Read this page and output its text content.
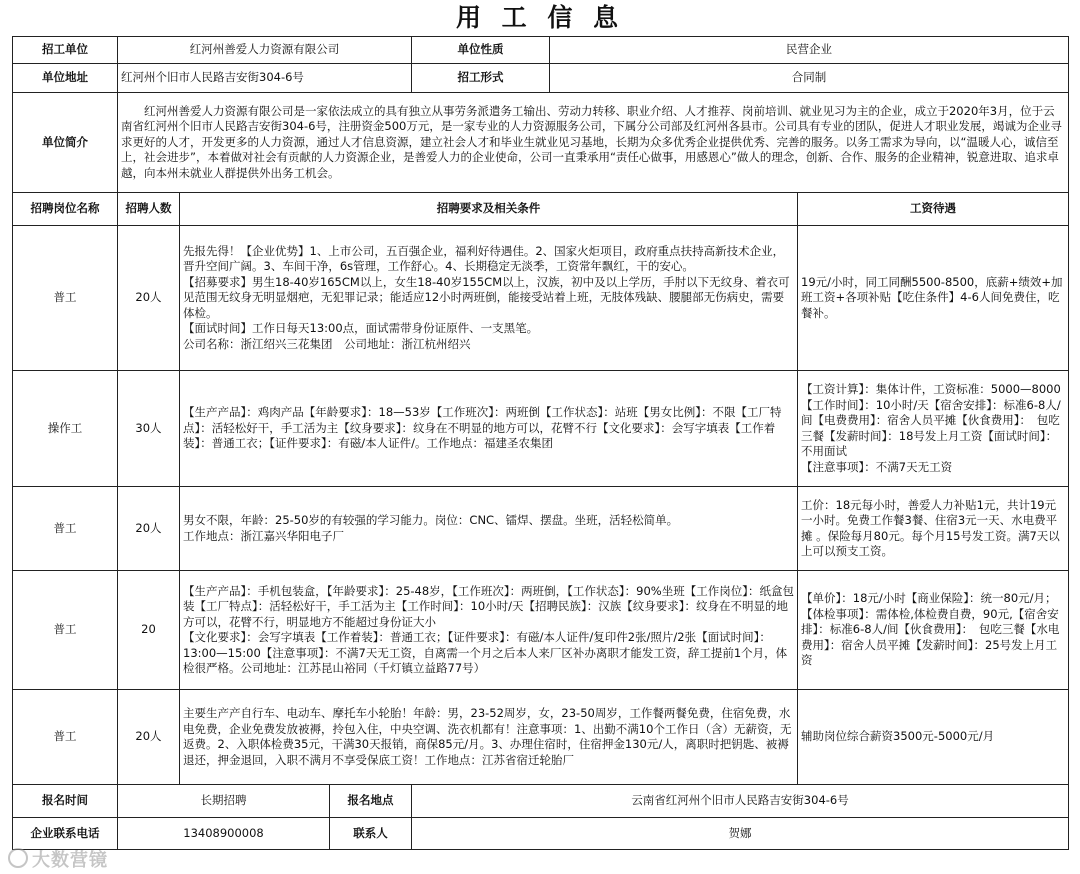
用 工 信 息
招工单位	红河州善爱人力资源有限公司			单位性质	民营企业	
单位地址	红河州个旧市人民路吉安街304-6号			招工形式	合同制	
单位简介	红河州善爱人力资源有限公司是一家依法成立的具有独立从事劳务派遣务工输出、劳动力转移、职业介绍、人才推荐、岗前培训、就业见习为主的企业，成立于2020年3月，位于云南省红河州个旧市人民路吉安街304-6号，注册资金500万元，是一家专业的人力资源服务公司，下属分公司部及红河州各县市。公司具有专业的团队，促进人才职业发展，竭诚为企业寻求更好的人才，开发更多的人力资源，通过人才信息资源，建立社会人才和毕业生就业见习基地，长期为众多优秀企业提供优秀、完善的服务。以务工需求为导向，以“温暖人心，诚信至上，社会进步”，本着做对社会有贡献的人力资源企业，是善爱人力的企业使命，公司一直秉承用“责任心做事，用感恩心”做人的理念，创新、合作、服务的企业精神，锐意进取、追求卓越，向本州未就业人群提供外出务工机会。					
招聘岗位名称	招聘人数	招聘要求及相关条件				工资待遇
普工	20人	先报先得！【企业优势】1、上市公司，五百强企业，福利好待遇佳。2、国家火炬项目，政府重点扶持高新技术企业，晋升空间广阔。3、车间干净，6s管理，工作舒心。4、长期稳定无淡季，工资常年飘红，干的安心。
【招募要求】男生18-40岁165CM以上，女生18-40岁155CM以上，汉族，初中及以上学历，手肘以下无纹身、着衣可见范围无纹身无明显烟疤，无犯罪记录；能适应12小时两班倒，能接受站着上班，无肢体残缺、腰腿部无伤病史，需要体检。
【面试时间】工作日每天13:00点，面试需带身份证原件、一支黑笔。
公司名称：浙江绍兴三花集团　公司地址：浙江杭州绍兴				19元/小时，同工同酬5500-8500，底薪+绩效+加班工资+各项补贴【吃住条件】4-6人间免费住，吃餐补。
操作工	30人	【生产产品】：鸡肉产品【年龄要求】：18—53岁【工作班次】：两班倒【工作状态】：站班【男女比例】：不限【工厂特点】：活轻松好干，手工活为主【纹身要求】：纹身在不明显的地方可以，花臂不行【文化要求】：会写字填表【工作着装】：普通工衣；【证件要求】：有磁/本人证件/。工作地点：福建圣农集团				【工资计算】：集体计件，工资标准：5000—8000【工作时间】：10小时/天【宿舍安排】：标准6-8人/间【电费费用】：宿舍人员平摊【伙食费用】：　包吃三餐【发薪时间】：18号发上月工资【面试时间】：不用面试
【注意事项】：不满7天无工资
普工	20人	男女不限，年龄：25-50岁的有较强的学习能力。岗位：CNC、镭焊、摆盘。坐班，活轻松简单。
工作地点：浙江嘉兴华阳电子厂				工价：18元每小时，善爱人力补贴1元，共计19元一小时。免费工作餐3餐、住宿3元一天、水电费平摊 。保险每月80元。每个月15号发工资。满7天以上可以预支工资。
普工	20	【生产产品】：手机包装盒，【年龄要求】：25-48岁，【工作班次】：两班倒，【工作状态】：90%坐班【工作岗位】：纸盒包装【工厂特点】：活轻松好干，手工活为主【工作时间】：10小时/天【招聘民族】：汉族【纹身要求】：纹身在不明显的地方可以，花臂不行，明显地方不能超过身份证大小
【文化要求】：会写字填表【工作着装】：普通工衣；【证件要求】：有磁/本人证件/复印件2张/照片/2张【面试时间】：　13:00—15:00【注意事项】：不满7天无工资，自离需一个月之后本人来厂区补办离职才能发工资，辞工提前1个月，体检很严格。公司地址：江苏昆山裕同（千灯镇立益路77号）				【单价】：18元/小时【商业保险】：统一80元/月；【体检事项】：需体检,体检费自费，90元,【宿舍安排】：标准6-8人/间【伙食费用】：　包吃三餐【水电费用】：宿舍人员平摊【发薪时间】：25号发上月工资
普工	20人	主要生产产自行车、电动车、摩托车小轮胎！年龄：男，23-52周岁，女，23-50周岁，工作餐两餐免费，住宿免费，水电免费，企业免费发放被褥，拎包入住，中央空调、洗衣机都有！注意事项：1、出勤不满10个工作日（含）无薪资，无返费。2、入职体检费35元，干满30天报销，商保85元/月。3、办理住宿时，住宿押金130元/人，离职时把钥匙、被褥退还，押金退回，入职不满月不享受保底工资！工作地点：江苏省宿迁轮胎厂				辅助岗位综合薪资3500元-5000元/月
报名时间	长期招聘		报名地点	云南省红河州个旧市人民路吉安街304-6号		
企业联系电话	13408900008		联系人	贺娜		
大数营镜
